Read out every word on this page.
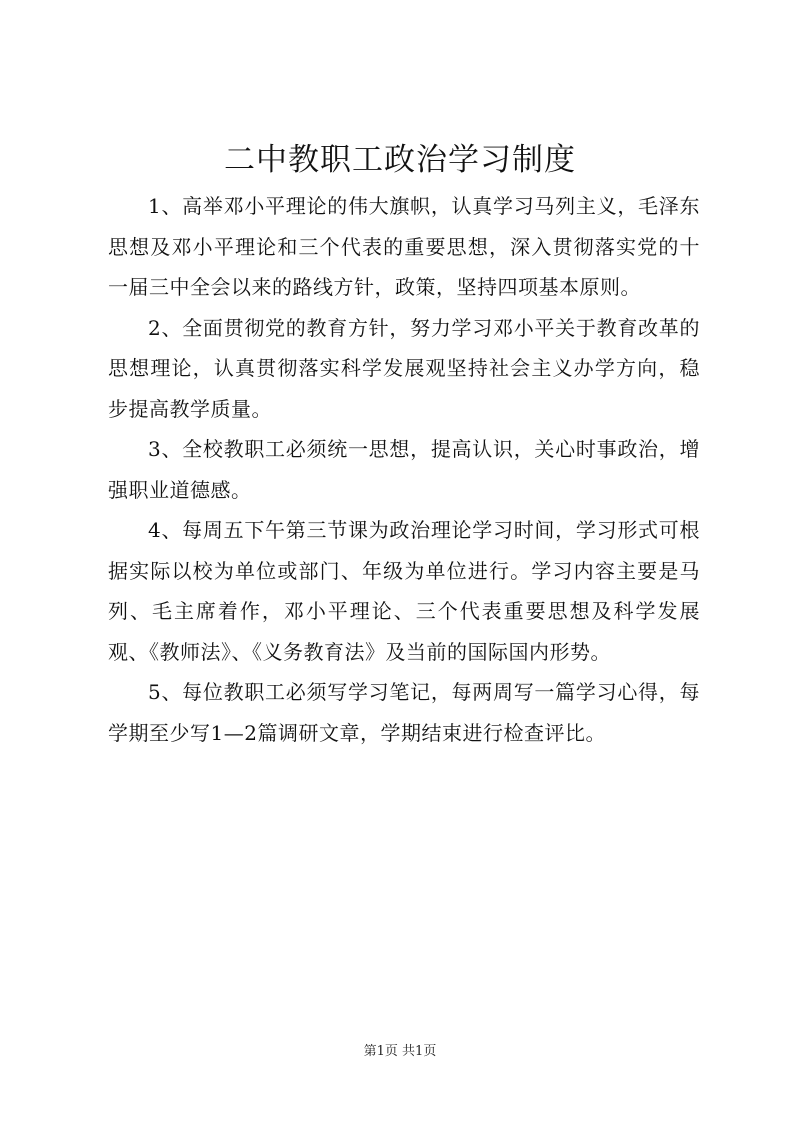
二中教职工政治学习制度

1、高举邓小平理论的伟大旗帜，认真学习马列主义，毛泽东思想及邓小平理论和三个代表的重要思想，深入贯彻落实党的十一届三中全会以来的路线方针，政策，坚持四项基本原则。

2、全面贯彻党的教育方针，努力学习邓小平关于教育改革的思想理论，认真贯彻落实科学发展观坚持社会主义办学方向，稳步提高教学质量。

3、全校教职工必须统一思想，提高认识，关心时事政治，增强职业道德感。

4、每周五下午第三节课为政治理论学习时间，学习形式可根据实际以校为单位或部门、年级为单位进行。学习内容主要是马列、毛主席着作，邓小平理论、三个代表重要思想及科学发展观、《教师法》、《义务教育法》及当前的国际国内形势。

5、每位教职工必须写学习笔记，每两周写一篇学习心得，每学期至少写1—2篇调研文章，学期结束进行检查评比。

第1页 共1页
